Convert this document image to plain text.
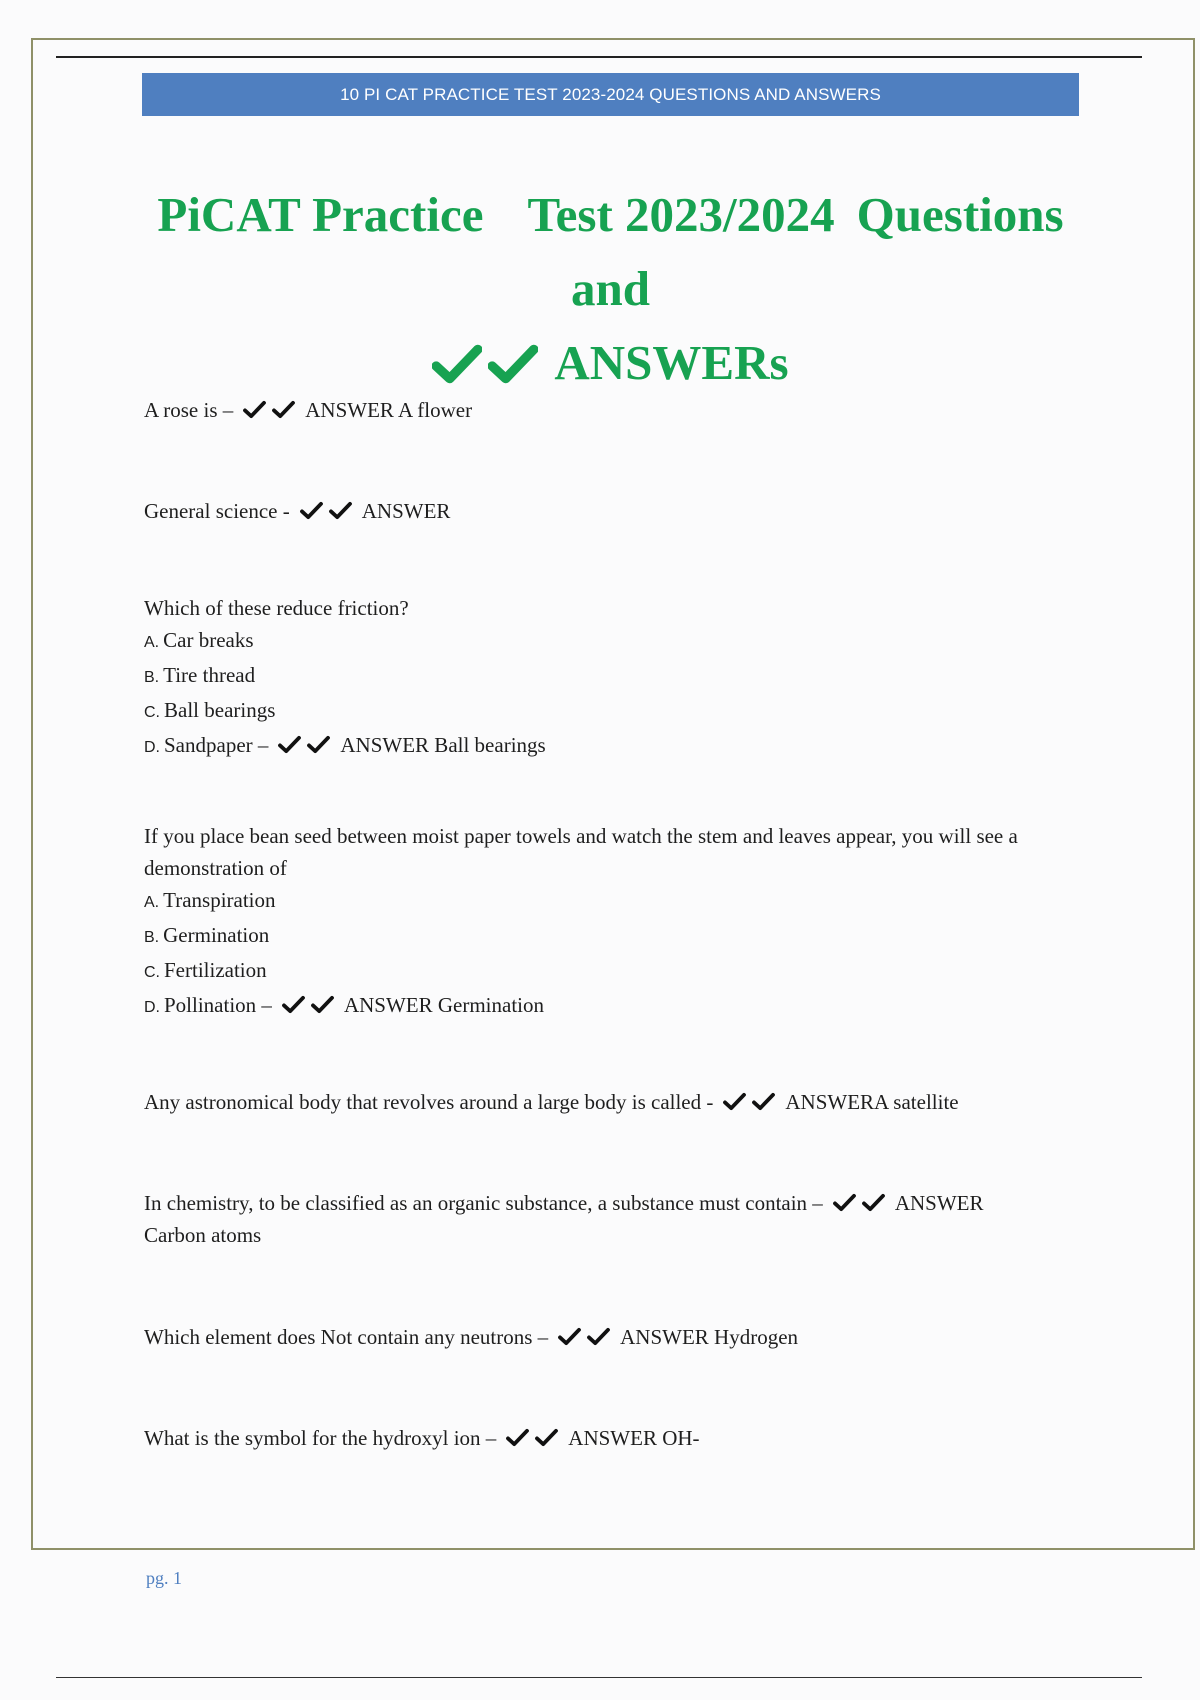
10 PI CAT PRACTICE TEST 2023-2024 QUESTIONS AND ANSWERS
PiCAT Practice Test 2023/2024 Questions and
ANSWERs

A rose is –	ANSWER A flower

General science -	ANSWER

Which of these reduce friction?

A. Car breaks

B. Tire thread

C. Ball bearings

D. Sandpaper –	ANSWER Ball bearings

If you place bean seed between moist paper towels and watch the stem and leaves appear, you will see a demonstration of

A. Transpiration

B. Germination

C. Fertilization

D. Pollination –	ANSWER Germination

Any astronomical body that revolves around a large body is called -	ANSWERA satellite

In chemistry, to be classified as an organic substance, a substance must contain –	ANSWER

Carbon atoms

Which element does Not contain any neutrons –	ANSWER Hydrogen

What is the symbol for the hydroxyl ion –	ANSWER OH-

pg. 1
